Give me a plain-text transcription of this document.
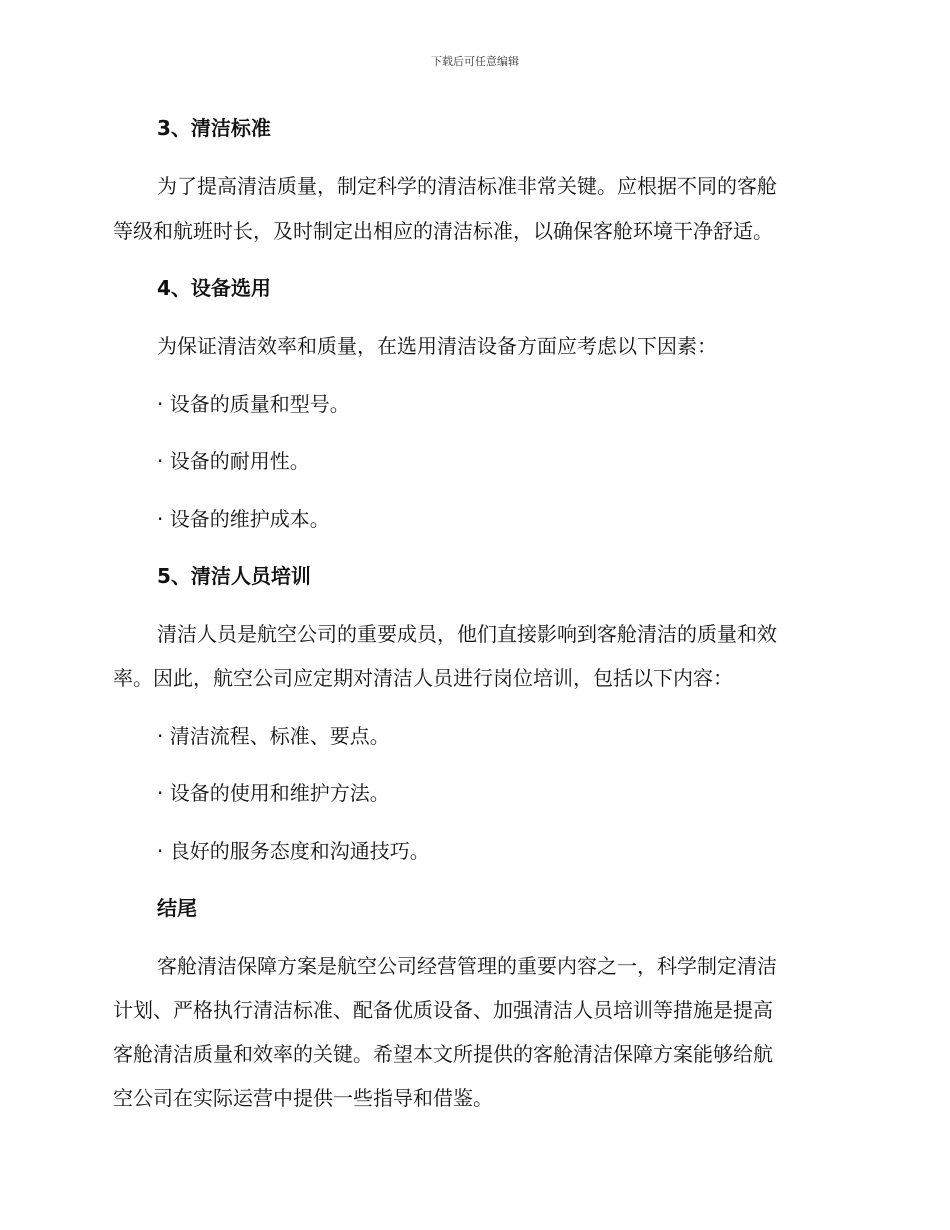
下载后可任意编辑
3、清洁标准
为了提高清洁质量，制定科学的清洁标准非常关键。应根据不同的客舱
等级和航班时长，及时制定出相应的清洁标准，以确保客舱环境干净舒适。
4、设备选用
为保证清洁效率和质量，在选用清洁设备方面应考虑以下因素：
· 设备的质量和型号。
· 设备的耐用性。
· 设备的维护成本。
5、清洁人员培训
清洁人员是航空公司的重要成员，他们直接影响到客舱清洁的质量和效
率。因此，航空公司应定期对清洁人员进行岗位培训，包括以下内容：
· 清洁流程、标准、要点。
· 设备的使用和维护方法。
· 良好的服务态度和沟通技巧。
结尾
客舱清洁保障方案是航空公司经营管理的重要内容之一，科学制定清洁
计划、严格执行清洁标准、配备优质设备、加强清洁人员培训等措施是提高
客舱清洁质量和效率的关键。希望本文所提供的客舱清洁保障方案能够给航
空公司在实际运营中提供一些指导和借鉴。
